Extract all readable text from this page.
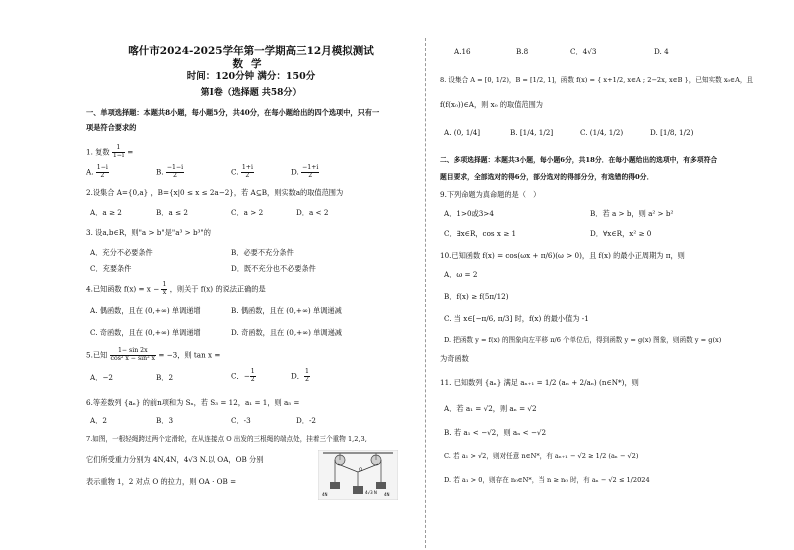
喀什市2024-2025学年第一学期高三12月模拟测试
数学
时间：120分钟 满分：150分
第Ⅰ卷（选择题 共58分）
一、单项选择题：本题共8小题，每小题5分，共40分，在每小题给出的四个选项中，只有一
项是符合要求的
1. 复数 $\frac{1}{1-i}$ =
A. $\frac{1-i}{2}$	B. $\frac{-1-i}{2}$	C. $\frac{1+i}{2}$	D. $\frac{-1+i}{2}$
2.设集合 A={0,a} ，B={x|0 ≤ x ≤ 2a−2}，若 A⊆B，则实数a的取值范围为
A．a ≥ 2	B．a ≤ 2	C．a > 2	D．a < 2
3. 设a,b∈R，则"a > b"是"a³ > b³"的
A．充分不必要条件	B．必要不充分条件
C．充要条件	D．既不充分也不必要条件
4.已知函数 $f(x) = x - \frac{1}{x}$ ，则关于 f(x) 的说法正确的是
A. 偶函数，且在 (0,+∞) 单调递增	B. 偶函数，且在 (0,+∞) 单调递减
C. 奇函数，且在 (0,+∞) 单调递增	D. 奇函数，且在 (0,+∞) 单调递减
5.已知 $\frac{1- \sin 2x}{\text{cos² x − sin² x}} = -3$，则 tan x =
A．−2	B．2	C．− $\frac{1}{2}$	D． $\frac{1}{2}$
6.等差数列 {aₙ} 的前n项和为 Sₙ，若 S₃ = 12，a₁ = 1，则 a₅ =
A．2	B．3	C．-3	D．-2
7.如图，一根轻绳跨过两个定滑轮，在从连接点 O 出发的三根绳的端点处，挂着三个重物 1,2,3,
它们所受重力分别为 4N,4N，4√3 N.以 OA，OB 分别
表示重物 1，2 对点 O 的拉力，则 OA · OB =
O
4N	4N
4√3 N
A.16	B.8	C．4√3	D. 4
8. 设集合 A = [0, 1/2)，B = [1/2, 1]，函数 f(x) = { x+1/2, x∈A ; 2−2x, x∈B }，已知实数 x₀∈A，且
f(f(x₀))∈A，则 x₀ 的取值范围为
A. (0, 1/4]	B. [1/4, 1/2]	C. (1/4, 1/2)	D. [1/8, 1/2)
二、多项选择题：本题共3小题，每小题6分，共18分．在每小题给出的选项中，有多项符合
题目要求，全部选对的得6分，部分选对的得部分分，有选错的得0分．
9.下列命题为真命题的是（　）
A．1>0或3>4	B．若 a > b，则 a² > b²
C．∃x∈R，cos x ≥ 1	D．∀x∈R，x² ≥ 0
10.已知函数 f(x) = cos(ωx + π/6)(ω > 0)，且 f(x) 的最小正周期为 π，则
A．ω = 2
B．f(x) ≥ f(5π/12)
C. 当 x∈[−π/6, π/3] 时，f(x) 的最小值为 -1
D. 把函数 y = f(x) 的图象向左平移 π/6 个单位后，得到函数 y = g(x) 图象，则函数 y = g(x)
为奇函数
11. 已知数列 {aₙ} 满足 aₙ₊₁ = 1/2 (aₙ + 2/aₙ) (n∈N*)，则
A．若 a₁ = √2，则 aₙ = √2
B. 若 a₁ < −√2，则 aₙ < −√2
C. 若 a₁ > √2，则对任意 n∈N*，有 aₙ₊₁ − √2 ≥ 1/2 (aₙ − √2)
D. 若 a₁ > 0，则存在 n₀∈N*，当 n ≥ n₀ 时，有 aₙ − √2 ≤ 1/2024
